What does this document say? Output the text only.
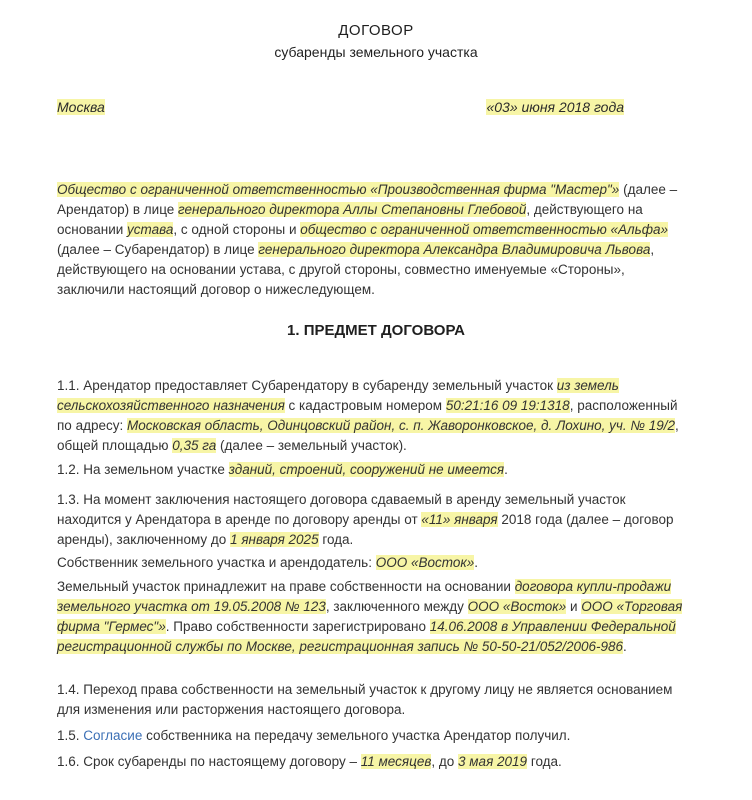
ДОГОВОР
субаренды земельного участка
Москва	«03» июня 2018 года
Общество с ограниченной ответственностью «Производственная фирма "Мастер"» (далее – Арендатор) в лице генерального директора Аллы Степановны Глебовой, действующего на основании устава, с одной стороны и общество с ограниченной ответственностью «Альфа» (далее – Субарендатор) в лице генерального директора Александра Владимировича Львова, действующего на основании устава, с другой стороны, совместно именуемые «Стороны», заключили настоящий договор о нижеследующем.
1. ПРЕДМЕТ ДОГОВОРА
1.1. Арендатор предоставляет Субарендатору в субаренду земельный участок из земель сельскохозяйственного назначения с кадастровым номером 50:21:16 09 19:1318, расположенный по адресу: Московская область, Одинцовский район, с. п. Жаворонковское, д. Лохино, уч. № 19/2, общей площадью 0,35 га (далее – земельный участок).
1.2. На земельном участке зданий, строений, сооружений не имеется.
1.3. На момент заключения настоящего договора сдаваемый в аренду земельный участок находится у Арендатора в аренде по договору аренды от «11» января 2018 года (далее – договор аренды), заключенному до 1 января 2025 года.
Собственник земельного участка и арендодатель: ООО «Восток».
Земельный участок принадлежит на праве собственности на основании договора купли-продажи земельного участка от 19.05.2008 № 123, заключенного между ООО «Восток» и ООО «Торговая фирма "Гермес"». Право собственности зарегистрировано 14.06.2008 в Управлении Федеральной регистрационной службы по Москве, регистрационная запись № 50-50-21/052/2006-986.
1.4. Переход права собственности на земельный участок к другому лицу не является основанием для изменения или расторжения настоящего договора.
1.5. Согласие собственника на передачу земельного участка Арендатор получил.
1.6. Срок субаренды по настоящему договору – 11 месяцев, до 3 мая 2019 года.
